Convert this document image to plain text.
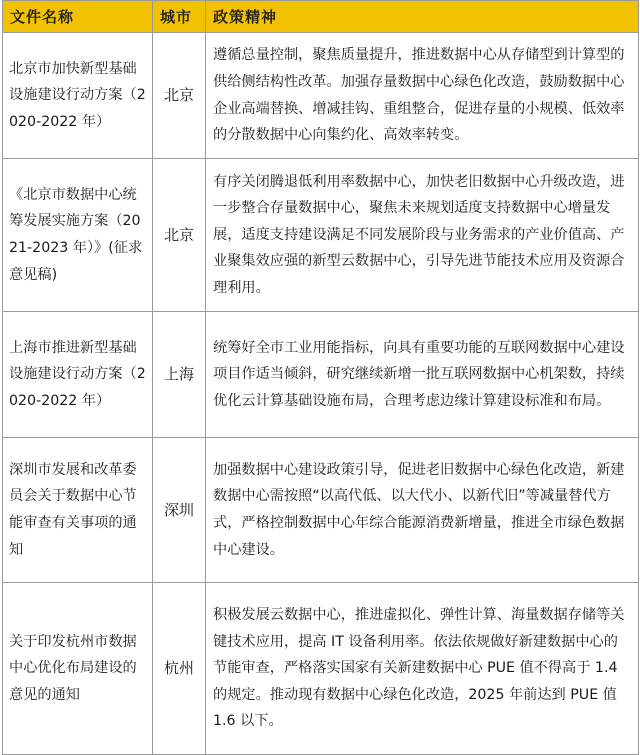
文件名称	城市	政策精神
北京市加快新型基础设施建设行动方案（2020-2022 年）	北京	遵循总量控制，聚焦质量提升，推进数据中心从存储型到计算型的供给侧结构性改革。加强存量数据中心绿色化改造，鼓励数据中心企业高端替换、增减挂钩、重组整合，促进存量的小规模、低效率的分散数据中心向集约化、高效率转变。
《北京市数据中心统筹发展实施方案（2021-2023 年）》(征求意见稿)	北京	有序关闭腾退低利用率数据中心，加快老旧数据中心升级改造，进一步整合存量数据中心，聚焦未来规划适度支持数据中心增量发展，适度支持建设满足不同发展阶段与业务需求的产业价值高、产业聚集效应强的新型云数据中心，引导先进节能技术应用及资源合理利用。
上海市推进新型基础设施建设行动方案（2020-2022 年）	上海	统筹好全市工业用能指标，向具有重要功能的互联网数据中心建设项目作适当倾斜，研究继续新增一批互联网数据中心机架数，持续优化云计算基础设施布局，合理考虑边缘计算建设标准和布局。
深圳市发展和改革委员会关于数据中心节能审查有关事项的通知	深圳	加强数据中心建设政策引导，促进老旧数据中心绿色化改造，新建数据中心需按照“以高代低、以大代小、以新代旧”等减量替代方式，严格控制数据中心年综合能源消费新增量，推进全市绿色数据中心建设。
关于印发杭州市数据中心优化布局建设的意见的通知	杭州	积极发展云数据中心，推进虚拟化、弹性计算、海量数据存储等关键技术应用，提高 IT 设备利用率。依法依规做好新建数据中心的节能审查，严格落实国家有关新建数据中心 PUE 值不得高于 1.4 的规定。推动现有数据中心绿色化改造，2025 年前达到 PUE 值 1.6 以下。
